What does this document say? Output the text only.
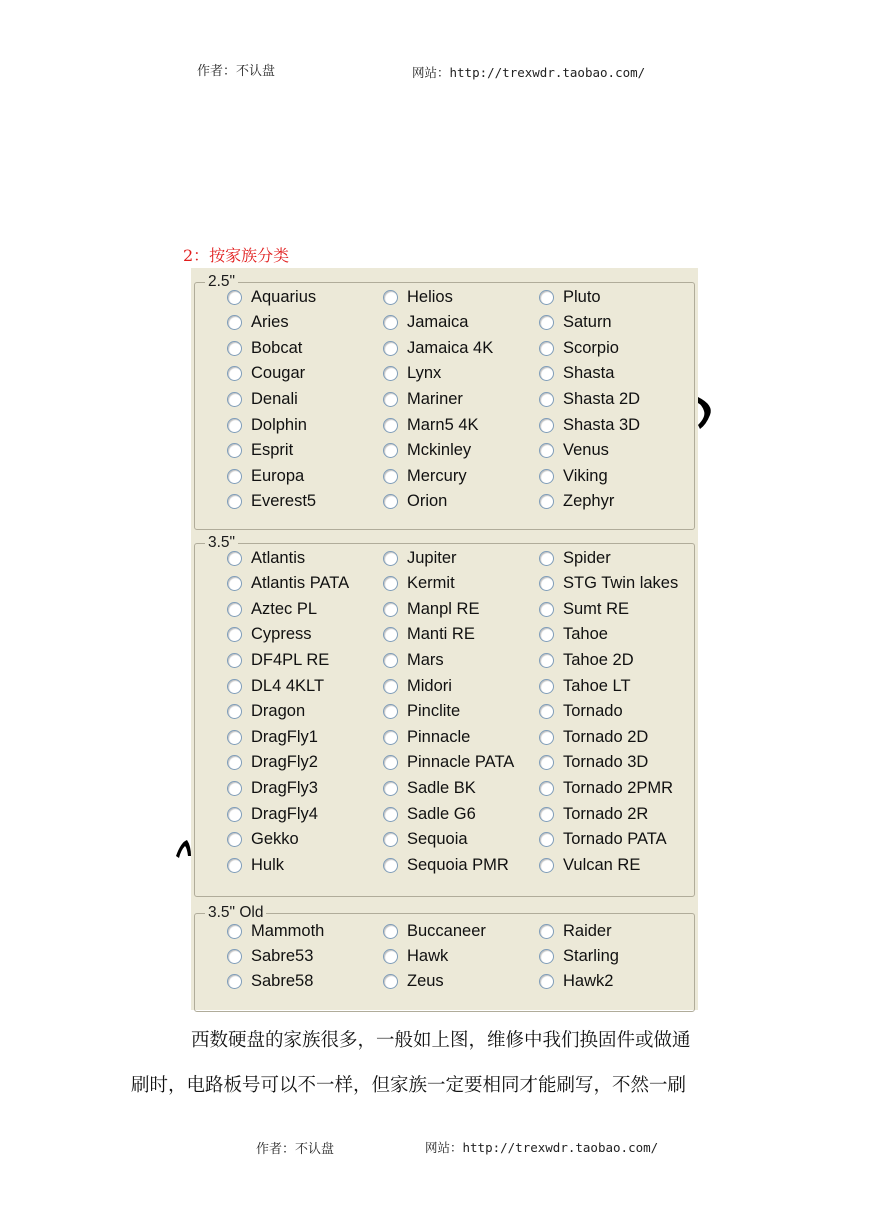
作者：不认盘	网站：http://trexwdr.taobao.com/
2：按家族分类
2.5"
3.5"
3.5" Old
Aquarius
Aries
Bobcat
Cougar
Denali
Dolphin
Esprit
Europa
Everest5
Helios
Jamaica
Jamaica 4K
Lynx
Mariner
Marn5 4K
Mckinley
Mercury
Orion
Pluto
Saturn
Scorpio
Shasta
Shasta 2D
Shasta 3D
Venus
Viking
Zephyr
Atlantis
Atlantis PATA
Aztec PL
Cypress
DF4PL RE
DL4 4KLT
Dragon
DragFly1
DragFly2
DragFly3
DragFly4
Gekko
Hulk
Jupiter
Kermit
Manpl RE
Manti RE
Mars
Midori
Pinclite
Pinnacle
Pinnacle PATA
Sadle BK
Sadle G6
Sequoia
Sequoia PMR
Spider
STG Twin lakes
Sumt RE
Tahoe
Tahoe 2D
Tahoe LT
Tornado
Tornado 2D
Tornado 3D
Tornado 2PMR
Tornado 2R
Tornado PATA
Vulcan RE
Mammoth
Sabre53
Sabre58
Buccaneer
Hawk
Zeus
Raider
Starling
Hawk2
西数硬盘的家族很多，一般如上图，维修中我们换固件或做通
刷时，电路板号可以不一样，但家族一定要相同才能刷写，不然一刷
作者：不认盘	网站：http://trexwdr.taobao.com/
